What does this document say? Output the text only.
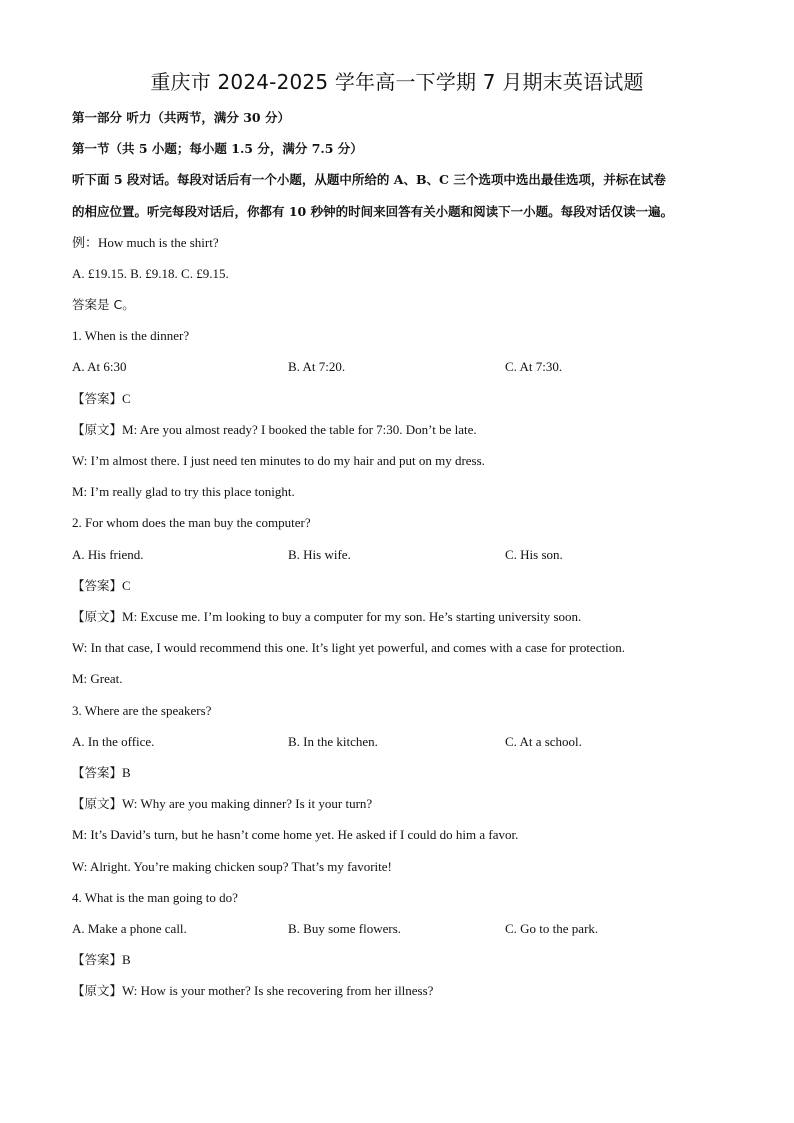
重庆市 2024-2025 学年高一下学期 7 月期末英语试题
第一部分 听力（共两节，满分 30 分）
第一节（共 5 小题；每小题 1.5 分，满分 7.5 分）
听下面 5 段对话。每段对话后有一个小题，从题中所给的 A、B、C 三个选项中选出最佳选项，并标在试卷
的相应位置。听完每段对话后，你都有 10 秒钟的时间来回答有关小题和阅读下一小题。每段对话仅读一遍。
例：How much is the shirt?
A. £19.15. B. £9.18. C. £9.15.
答案是 C。
1. When is the dinner?
A. At 6:30	B. At 7:20.	C. At 7:30.
【答案】C
【原文】M: Are you almost ready? I booked the table for 7:30. Don’t be late.
W: I’m almost there. I just need ten minutes to do my hair and put on my dress.
M: I’m really glad to try this place tonight.
2. For whom does the man buy the computer?
A. His friend.	B. His wife.	C. His son.
【答案】C
【原文】M: Excuse me. I’m looking to buy a computer for my son. He’s starting university soon.
W: In that case, I would recommend this one. It’s light yet powerful, and comes with a case for protection.
M: Great.
3. Where are the speakers?
A. In the office.	B. In the kitchen.	C. At a school.
【答案】B
【原文】W: Why are you making dinner? Is it your turn?
M: It’s David’s turn, but he hasn’t come home yet. He asked if I could do him a favor.
W: Alright. You’re making chicken soup? That’s my favorite!
4. What is the man going to do?
A. Make a phone call.	B. Buy some flowers.	C. Go to the park.
【答案】B
【原文】W: How is your mother? Is she recovering from her illness?
